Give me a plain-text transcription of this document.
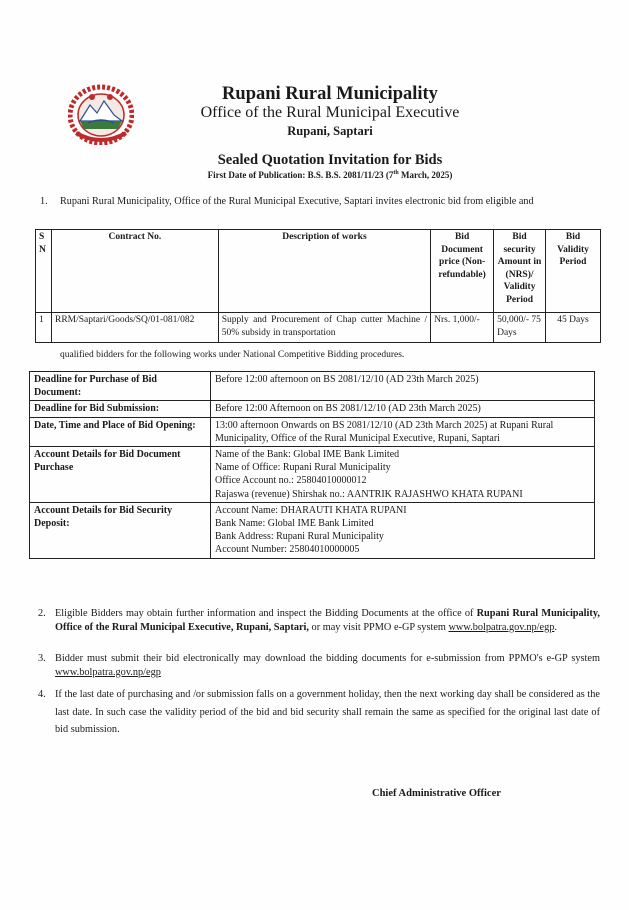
Rupani Rural Municipality
Office of the Rural Municipal Executive
Rupani, Saptari
Sealed Quotation Invitation for Bids
First Date of Publication: B.S. B.S. 2081/11/23 (7th March, 2025)
1. Rupani Rural Municipality, Office of the Rural Municipal Executive, Saptari invites electronic bid from eligible and
S N	Contract No.	Description of works	Bid Document price (Non-refundable)	Bid security Amount in (NRS)/ Validity Period	Bid Validity Period
1	RRM/Saptari/Goods/SQ/01-081/082	Supply and Procurement of Chap cutter Machine / 50% subsidy in transportation	Nrs. 1,000/-	50,000/- 75 Days	45 Days
qualified bidders for the following works under National Competitive Bidding procedures.
Deadline for Purchase of Bid Document:	Before 12:00 afternoon on BS 2081/12/10 (AD 23th March 2025)
Deadline for Bid Submission:	Before 12:00 Afternoon on BS 2081/12/10 (AD 23th March 2025)
Date, Time and Place of Bid Opening:	13:00 afternoon Onwards on BS 2081/12/10 (AD 23th March 2025) at Rupani Rural Municipality, Office of the Rural Municipal Executive, Rupani, Saptari
Account Details for Bid Document Purchase	Name of the Bank: Global IME Bank Limited
Name of Office: Rupani Rural Municipality
Office Account no.: 25804010000012
Rajaswa (revenue) Shirshak no.: AANTRIK RAJASHWO KHATA RUPANI

Account Details for Bid Security Deposit:	Account Name: DHARAUTI KHATA RUPANI
Bank Name: Global IME Bank Limited
Bank Address: Rupani Rural Municipality
Account Number: 25804010000005
2. Eligible Bidders may obtain further information and inspect the Bidding Documents at the office of Rupani Rural Municipality, Office of the Rural Municipal Executive, Rupani, Saptari, or may visit PPMO e-GP system www.bolpatra.gov.np/egp.
3. Bidder must submit their bid electronically may download the bidding documents for e-submission from PPMO's e-GP system www.bolpatra.gov.np/egp
4. If the last date of purchasing and /or submission falls on a government holiday, then the next working day shall be considered as the last date. In such case the validity period of the bid and bid security shall remain the same as specified for the original last date of bid submission.
Chief Administrative Officer
